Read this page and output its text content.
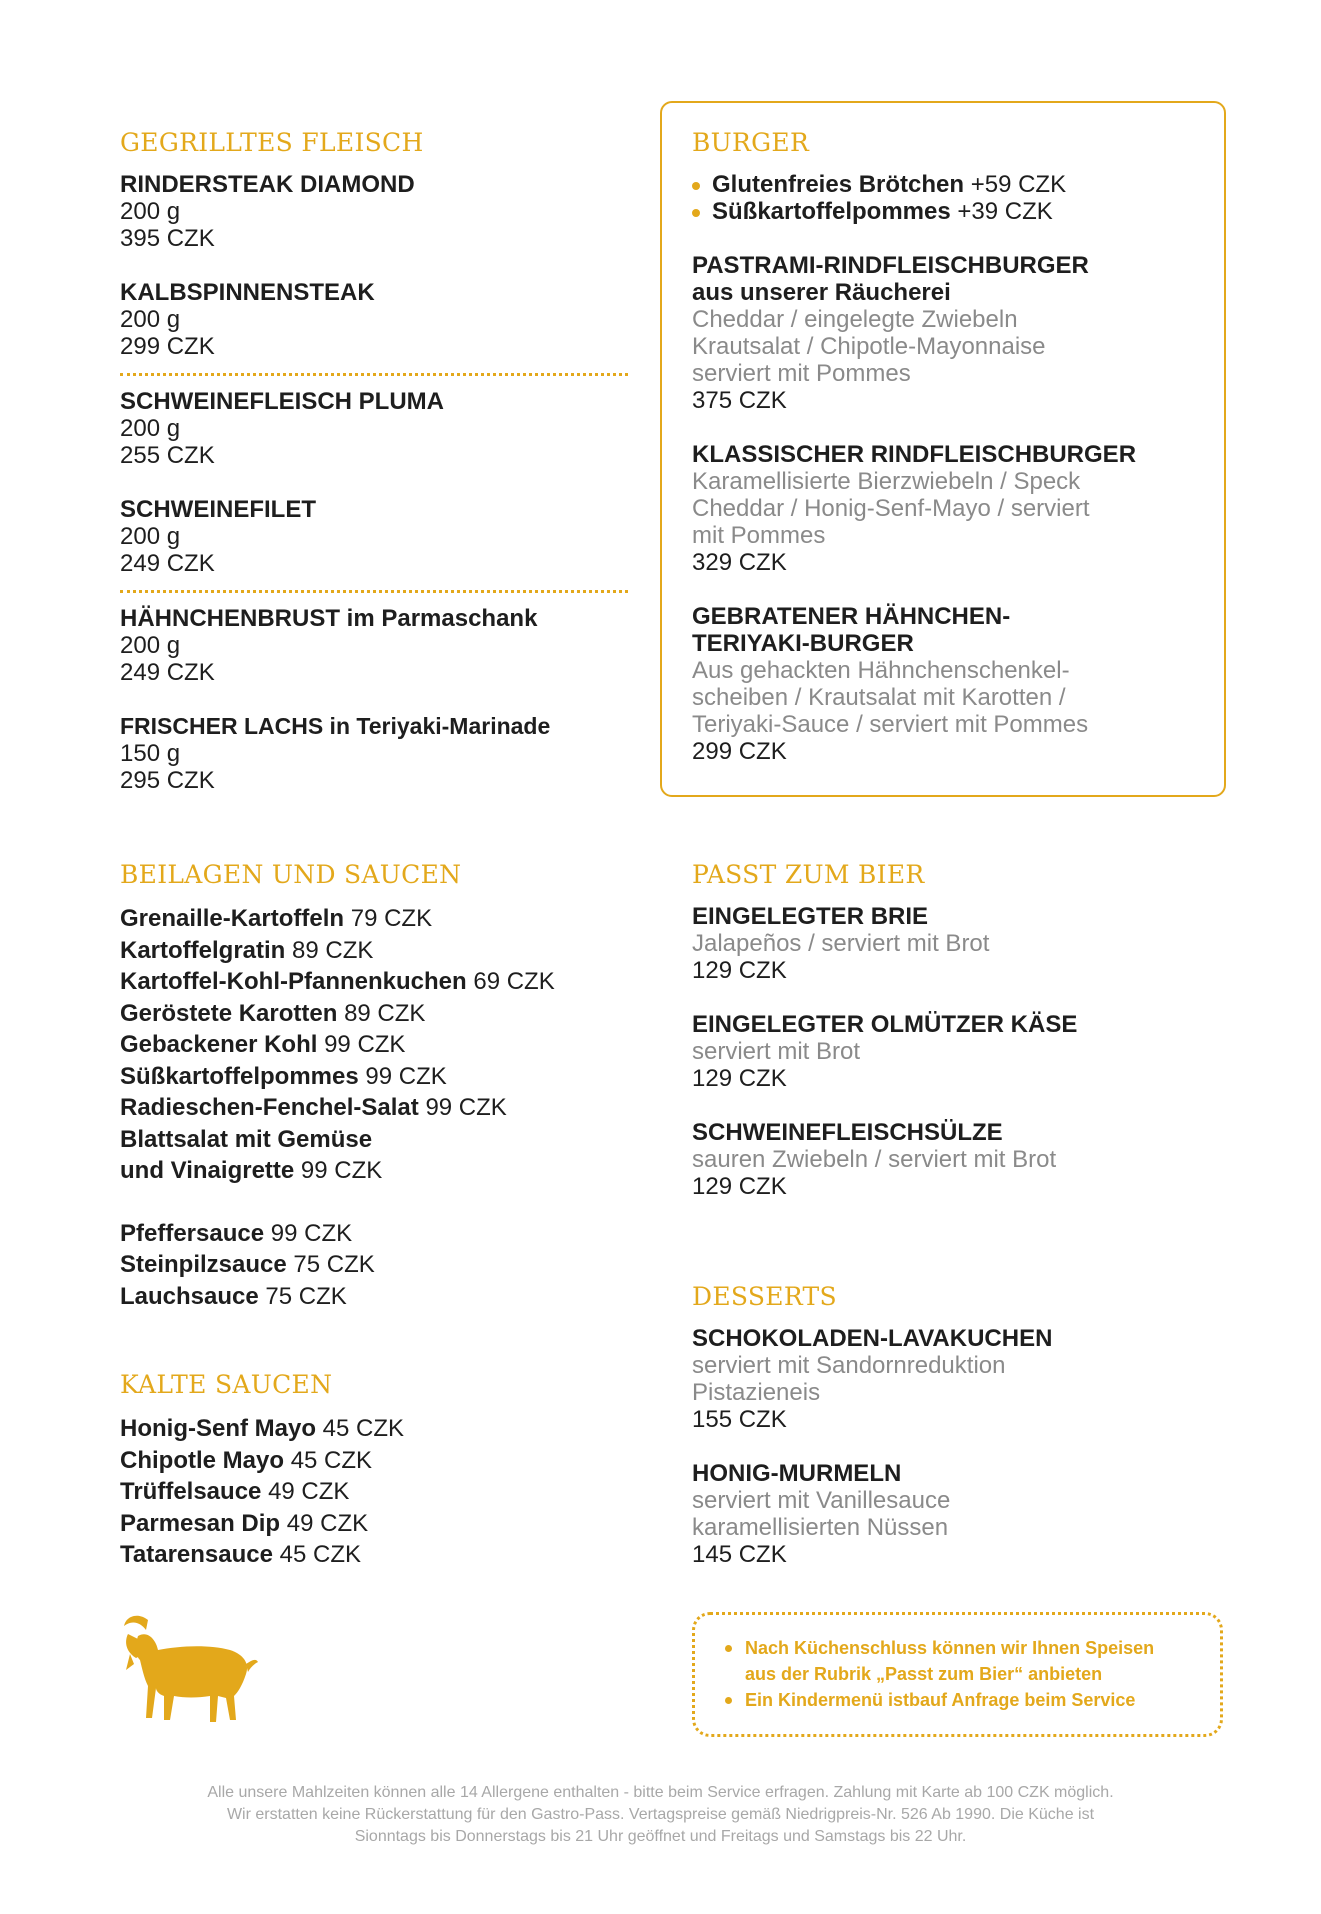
GEGRILLTES FLEISCH
RINDERSTEAK DIAMOND
200 g
395 CZK
KALBSPINNENSTEAK
200 g
299 CZK
SCHWEINEFLEISCH PLUMA
200 g
255 CZK
SCHWEINEFILET
200 g
249 CZK
HÄHNCHENBRUST im Parmaschank
200 g
249 CZK
FRISCHER LACHS in Teriyaki-Marinade
150 g
295 CZK
BURGER
Glutenfreies Brötchen +59 CZK
Süßkartoffelpommes +39 CZK
PASTRAMI-RINDFLEISCHBURGER
aus unserer Räucherei
Cheddar / eingelegte Zwiebeln
Krautsalat / Chipotle-Mayonnaise
serviert mit Pommes
375 CZK
KLASSISCHER RINDFLEISCHBURGER
Karamellisierte Bierzwiebeln / Speck
Cheddar / Honig-Senf-Mayo / serviert
mit Pommes
329 CZK
GEBRATENER HÄHNCHEN-
TERIYAKI-BURGER
Aus gehackten Hähnchenschenkel-
scheiben / Krautsalat mit Karotten /
Teriyaki-Sauce / serviert mit Pommes
299 CZK
BEILAGEN UND SAUCEN
Grenaille-Kartoffeln 79 CZK
Kartoffelgratin 89 CZK
Kartoffel-Kohl-Pfannenkuchen 69 CZK
Geröstete Karotten 89 CZK
Gebackener Kohl 99 CZK
Süßkartoffelpommes 99 CZK
Radieschen-Fenchel-Salat 99 CZK
Blattsalat mit Gemüse
und Vinaigrette 99 CZK
Pfeffersauce 99 CZK
Steinpilzsauce 75 CZK
Lauchsauce 75 CZK
KALTE SAUCEN
Honig-Senf Mayo 45 CZK
Chipotle Mayo 45 CZK
Trüffelsauce 49 CZK
Parmesan Dip 49 CZK
Tatarensauce 45 CZK
PASST ZUM BIER
EINGELEGTER BRIE
Jalapeños / serviert mit Brot
129 CZK
EINGELEGTER OLMÜTZER KÄSE
serviert mit Brot
129 CZK
SCHWEINEFLEISCHSÜLZE
sauren Zwiebeln / serviert mit Brot
129 CZK
DESSERTS
SCHOKOLADEN-LAVAKUCHEN
serviert mit Sandornreduktion
Pistazieneis
155 CZK
HONIG-MURMELN
serviert mit Vanillesauce
karamellisierten Nüssen
145 CZK
Nach Küchenschluss können wir Ihnen Speisen
aus der Rubrik „Passt zum Bier“ anbieten
Ein Kindermenü istbauf Anfrage beim Service
Alle unsere Mahlzeiten können alle 14 Allergene enthalten - bitte beim Service erfragen. Zahlung mit Karte ab 100 CZK möglich.
Wir erstatten keine Rückerstattung für den Gastro-Pass. Vertagspreise gemäß Niedrigpreis-Nr. 526 Ab 1990. Die Küche ist
Sionntags bis Donnerstags bis 21 Uhr geöffnet und Freitags und Samstags bis 22 Uhr.
